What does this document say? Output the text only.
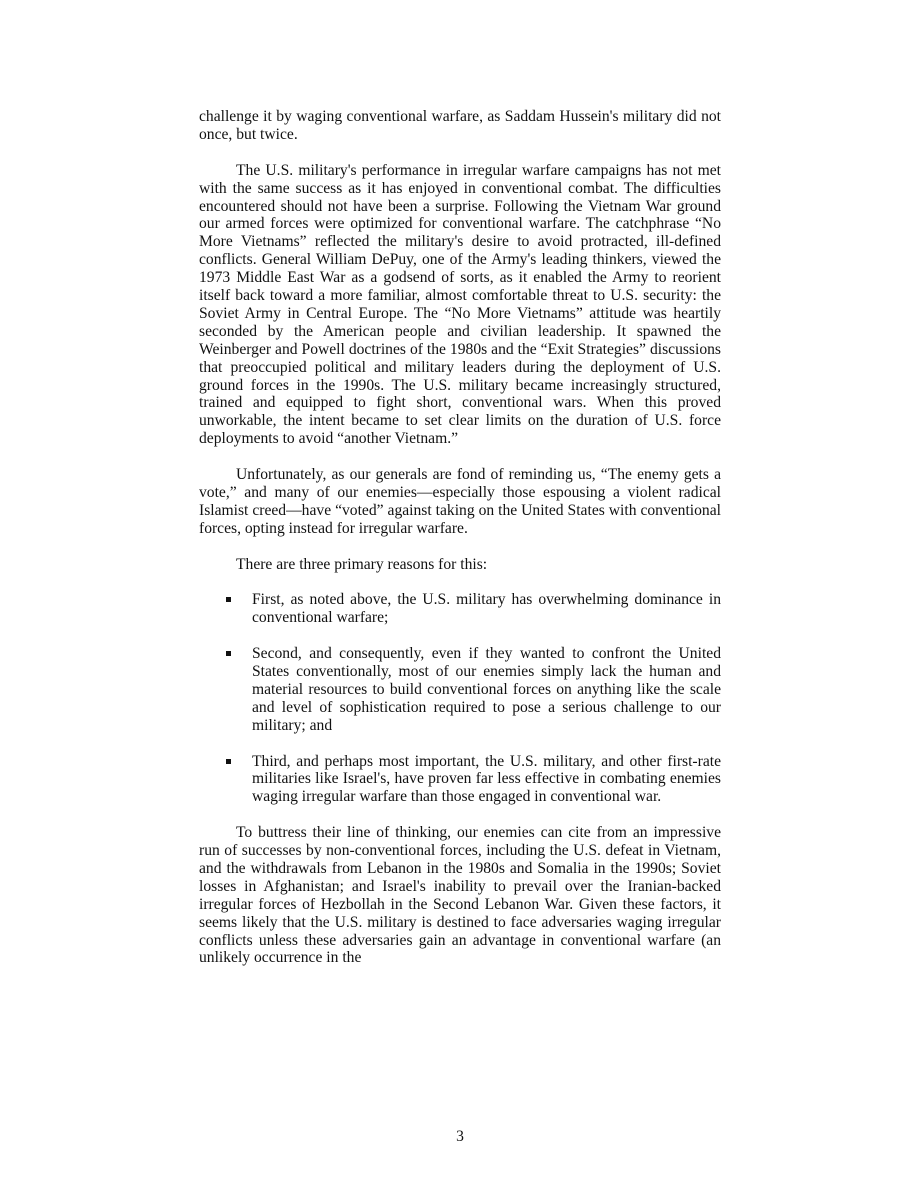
challenge it by waging conventional warfare, as Saddam Hussein's military did not once, but twice.

The U.S. military's performance in irregular warfare campaigns has not met with the same success as it has enjoyed in conventional combat. The difficulties encountered should not have been a surprise. Following the Vietnam War ground our armed forces were optimized for conventional warfare. The catchphrase “No More Vietnams” reflected the military's desire to avoid protracted, ill-defined conflicts. General William DePuy, one of the Army's leading thinkers, viewed the 1973 Middle East War as a godsend of sorts, as it enabled the Army to reorient itself back toward a more familiar, almost comfortable threat to U.S. security: the Soviet Army in Central Europe. The “No More Vietnams” attitude was heartily seconded by the American people and civilian leadership. It spawned the Weinberger and Powell doctrines of the 1980s and the “Exit Strategies” discussions that preoccupied political and military leaders during the deployment of U.S. ground forces in the 1990s. The U.S. military became increasingly structured, trained and equipped to fight short, conventional wars. When this proved unworkable, the intent became to set clear limits on the duration of U.S. force deployments to avoid “another Vietnam.”

Unfortunately, as our generals are fond of reminding us, “The enemy gets a vote,” and many of our enemies—especially those espousing a violent radical Islamist creed—have “voted” against taking on the United States with conventional forces, opting instead for irregular warfare.

There are three primary reasons for this:

First, as noted above, the U.S. military has overwhelming dominance in conventional warfare;
Second, and consequently, even if they wanted to confront the United States conventionally, most of our enemies simply lack the human and material resources to build conventional forces on anything like the scale and level of sophistication required to pose a serious challenge to our military; and
Third, and perhaps most important, the U.S. military, and other first-rate militaries like Israel's, have proven far less effective in combating enemies waging irregular warfare than those engaged in conventional war.

To buttress their line of thinking, our enemies can cite from an impressive run of successes by non-conventional forces, including the U.S. defeat in Vietnam, and the withdrawals from Lebanon in the 1980s and Somalia in the 1990s; Soviet losses in Afghanistan; and Israel's inability to prevail over the Iranian-backed irregular forces of Hezbollah in the Second Lebanon War. Given these factors, it seems likely that the U.S. military is destined to face adversaries waging irregular conflicts unless these adversaries gain an advantage in conventional warfare (an unlikely occurrence in the

3
